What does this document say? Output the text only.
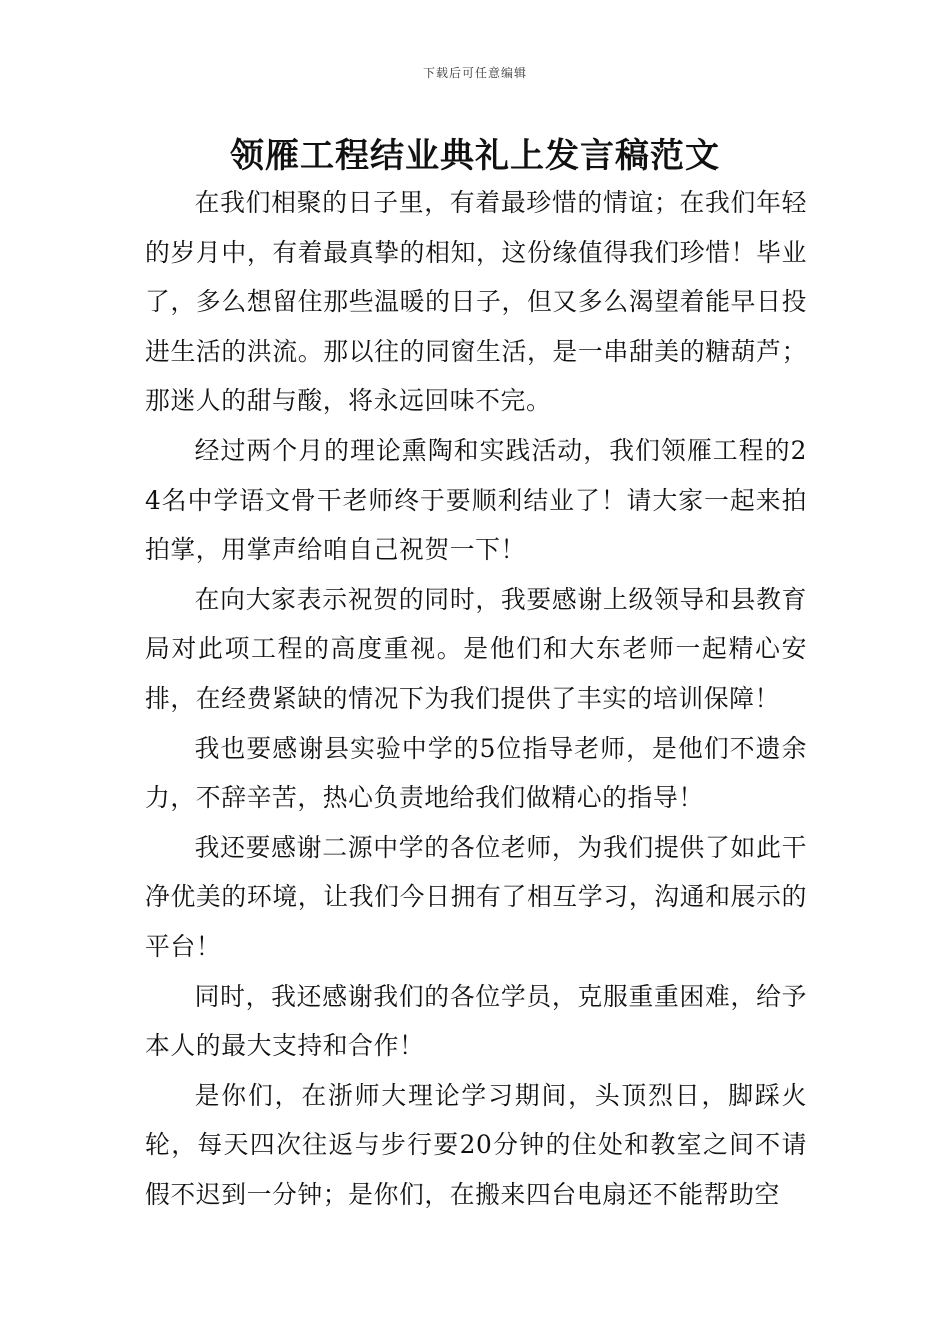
下载后可任意编辑
领雁工程结业典礼上发言稿范文

在我们相聚的日子里，有着最珍惜的情谊；在我们年轻的岁月中，有着最真挚的相知，这份缘值得我们珍惜！毕业了，多么想留住那些温暖的日子，但又多么渴望着能早日投进生活的洪流。那以往的同窗生活，是一串甜美的糖葫芦；那迷人的甜与酸，将永远回味不完。

经过两个月的理论熏陶和实践活动，我们领雁工程的24名中学语文骨干老师终于要顺利结业了！请大家一起来拍拍掌，用掌声给咱自己祝贺一下！

在向大家表示祝贺的同时，我要感谢上级领导和县教育局对此项工程的高度重视。是他们和大东老师一起精心安排，在经费紧缺的情况下为我们提供了丰实的培训保障！

我也要感谢县实验中学的5位指导老师，是他们不遗余力，不辞辛苦，热心负责地给我们做精心的指导！

我还要感谢二源中学的各位老师，为我们提供了如此干净优美的环境，让我们今日拥有了相互学习，沟通和展示的平台！

同时，我还感谢我们的各位学员，克服重重困难，给予本人的最大支持和合作！

是你们，在浙师大理论学习期间，头顶烈日，脚踩火轮，每天四次往返与步行要20分钟的住处和教室之间不请假不迟到一分钟；是你们，在搬来四台电扇还不能帮助空
